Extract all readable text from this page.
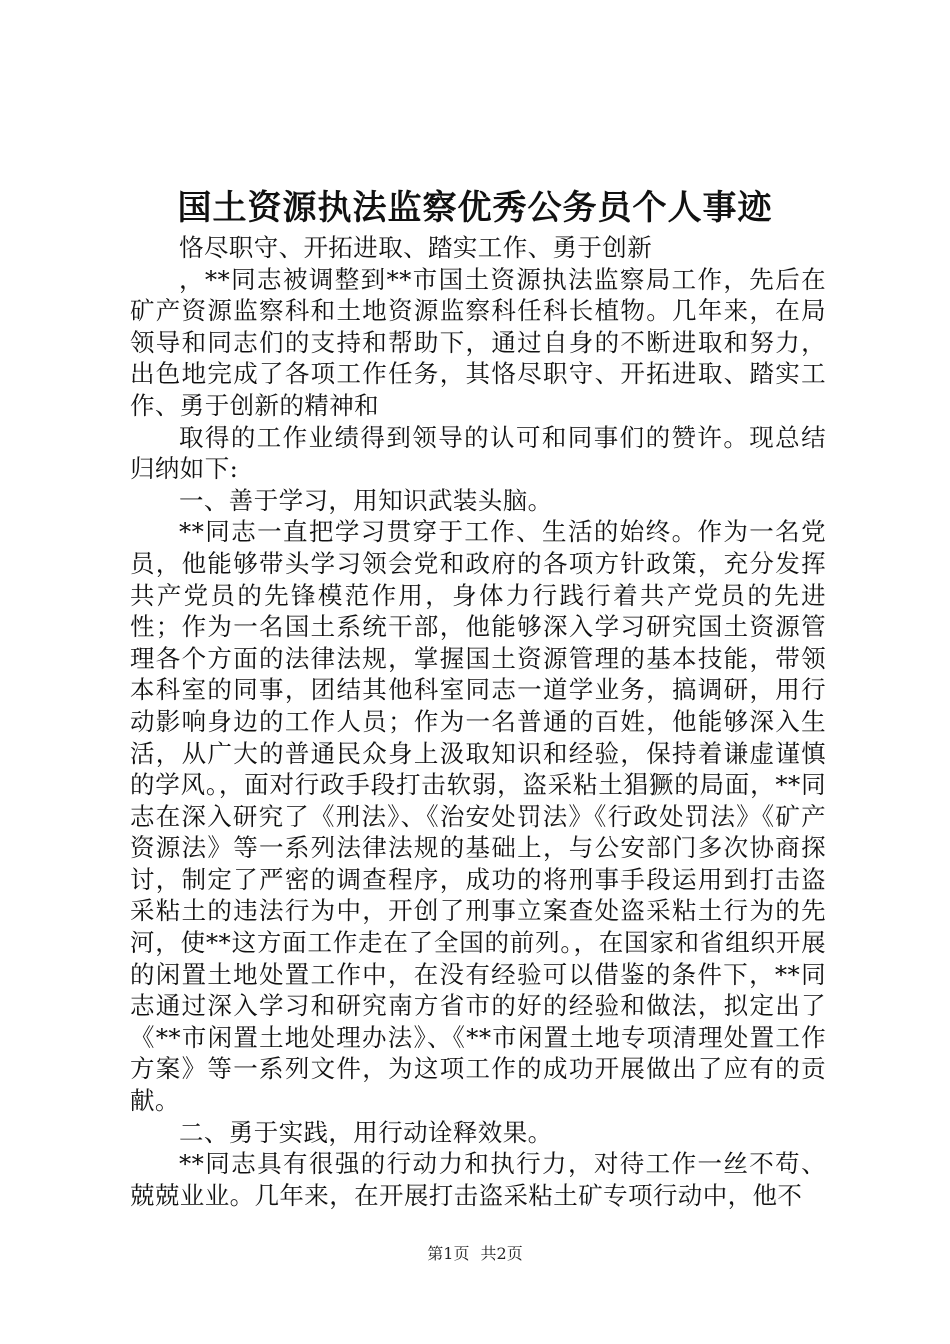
国土资源执法监察优秀公务员个人事迹

恪尽职守、开拓进取、踏实工作、勇于创新

，**同志被调整到**市国土资源执法监察局工作，先后在矿产资源监察科和土地资源监察科任科长植物。几年来，在局领导和同志们的支持和帮助下，通过自身的不断进取和努力，出色地完成了各项工作任务，其恪尽职守、开拓进取、踏实工作、勇于创新的精神和

取得的工作业绩得到领导的认可和同事们的赞许。现总结归纳如下:

一、善于学习，用知识武装头脑。

**同志一直把学习贯穿于工作、生活的始终。作为一名党员，他能够带头学习领会党和政府的各项方针政策，充分发挥共产党员的先锋模范作用，身体力行践行着共产党员的先进性；作为一名国土系统干部，他能够深入学习研究国土资源管理各个方面的法律法规，掌握国土资源管理的基本技能，带领本科室的同事，团结其他科室同志一道学业务，搞调研，用行动影响身边的工作人员；作为一名普通的百姓，他能够深入生活，从广大的普通民众身上汲取知识和经验，保持着谦虚谨慎的学风。，面对行政手段打击软弱，盗采粘土猖獗的局面，**同志在深入研究了《刑法》、《治安处罚法》《行政处罚法》《矿产资源法》等一系列法律法规的基础上，与公安部门多次协商探讨，制定了严密的调查程序，成功的将刑事手段运用到打击盗采粘土的违法行为中，开创了刑事立案查处盗采粘土行为的先河，使**这方面工作走在了全国的前列。，在国家和省组织开展的闲置土地处置工作中，在没有经验可以借鉴的条件下，**同志通过深入学习和研究南方省市的好的经验和做法，拟定出了《**市闲置土地处理办法》、《**市闲置土地专项清理处置工作方案》等一系列文件，为这项工作的成功开展做出了应有的贡献。

二、勇于实践，用行动诠释效果。

**同志具有很强的行动力和执行力，对待工作一丝不苟、兢兢业业。几年来，在开展打击盗采粘土矿专项行动中，他不

第1页 共2页
